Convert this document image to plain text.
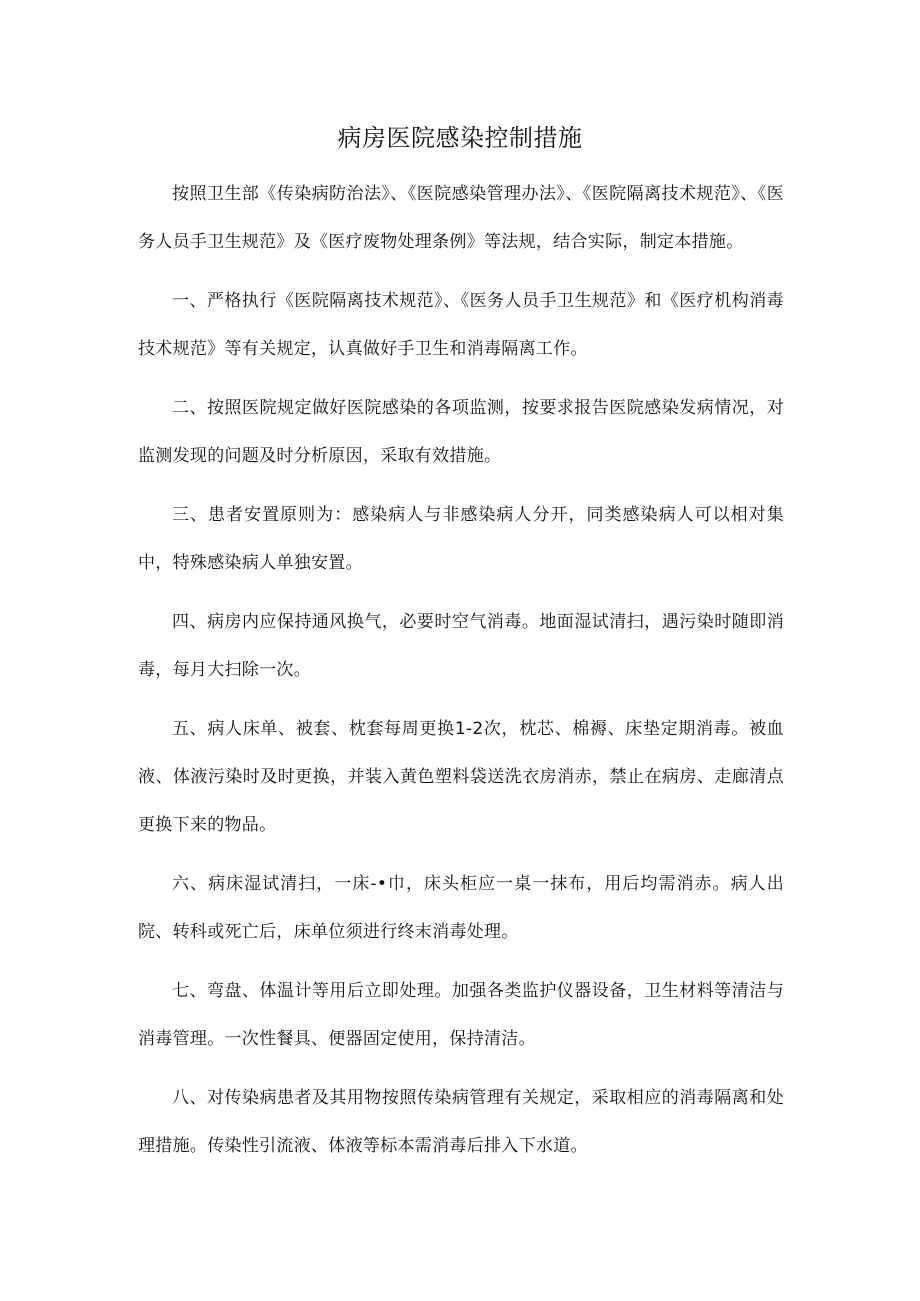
病房医院感染控制措施

按照卫生部《传染病防治法》、《医院感染管理办法》、《医院隔离技术规范》、《医务人员手卫生规范》及《医疗废物处理条例》等法规，结合实际，制定本措施。

一、严格执行《医院隔离技术规范》、《医务人员手卫生规范》和《医疗机构消毒技术规范》等有关规定，认真做好手卫生和消毒隔离工作。

二、按照医院规定做好医院感染的各项监测，按要求报告医院感染发病情况，对监测发现的问题及时分析原因，采取有效措施。

三、患者安置原则为：感染病人与非感染病人分开，同类感染病人可以相对集中，特殊感染病人单独安置。

四、病房内应保持通风换气，必要时空气消毒。地面湿试清扫，遇污染时随即消毒，每月大扫除一次。

五、病人床单、被套、枕套每周更换1-2次，枕芯、棉褥、床垫定期消毒。被血液、体液污染时及时更换，并装入黄色塑料袋送洗衣房消赤，禁止在病房、走廊清点更换下来的物品。

六、病床湿试清扫，一床-•巾，床头柜应一桌一抹布，用后均需消赤。病人出院、转科或死亡后，床单位须进行终末消毒处理。

七、弯盘、体温计等用后立即处理。加强各类监护仪器设备，卫生材料等清洁与消毒管理。一次性餐具、便器固定使用，保持清洁。

八、对传染病患者及其用物按照传染病管理有关规定，采取相应的消毒隔离和处理措施。传染性引流液、体液等标本需消毒后排入下水道。
